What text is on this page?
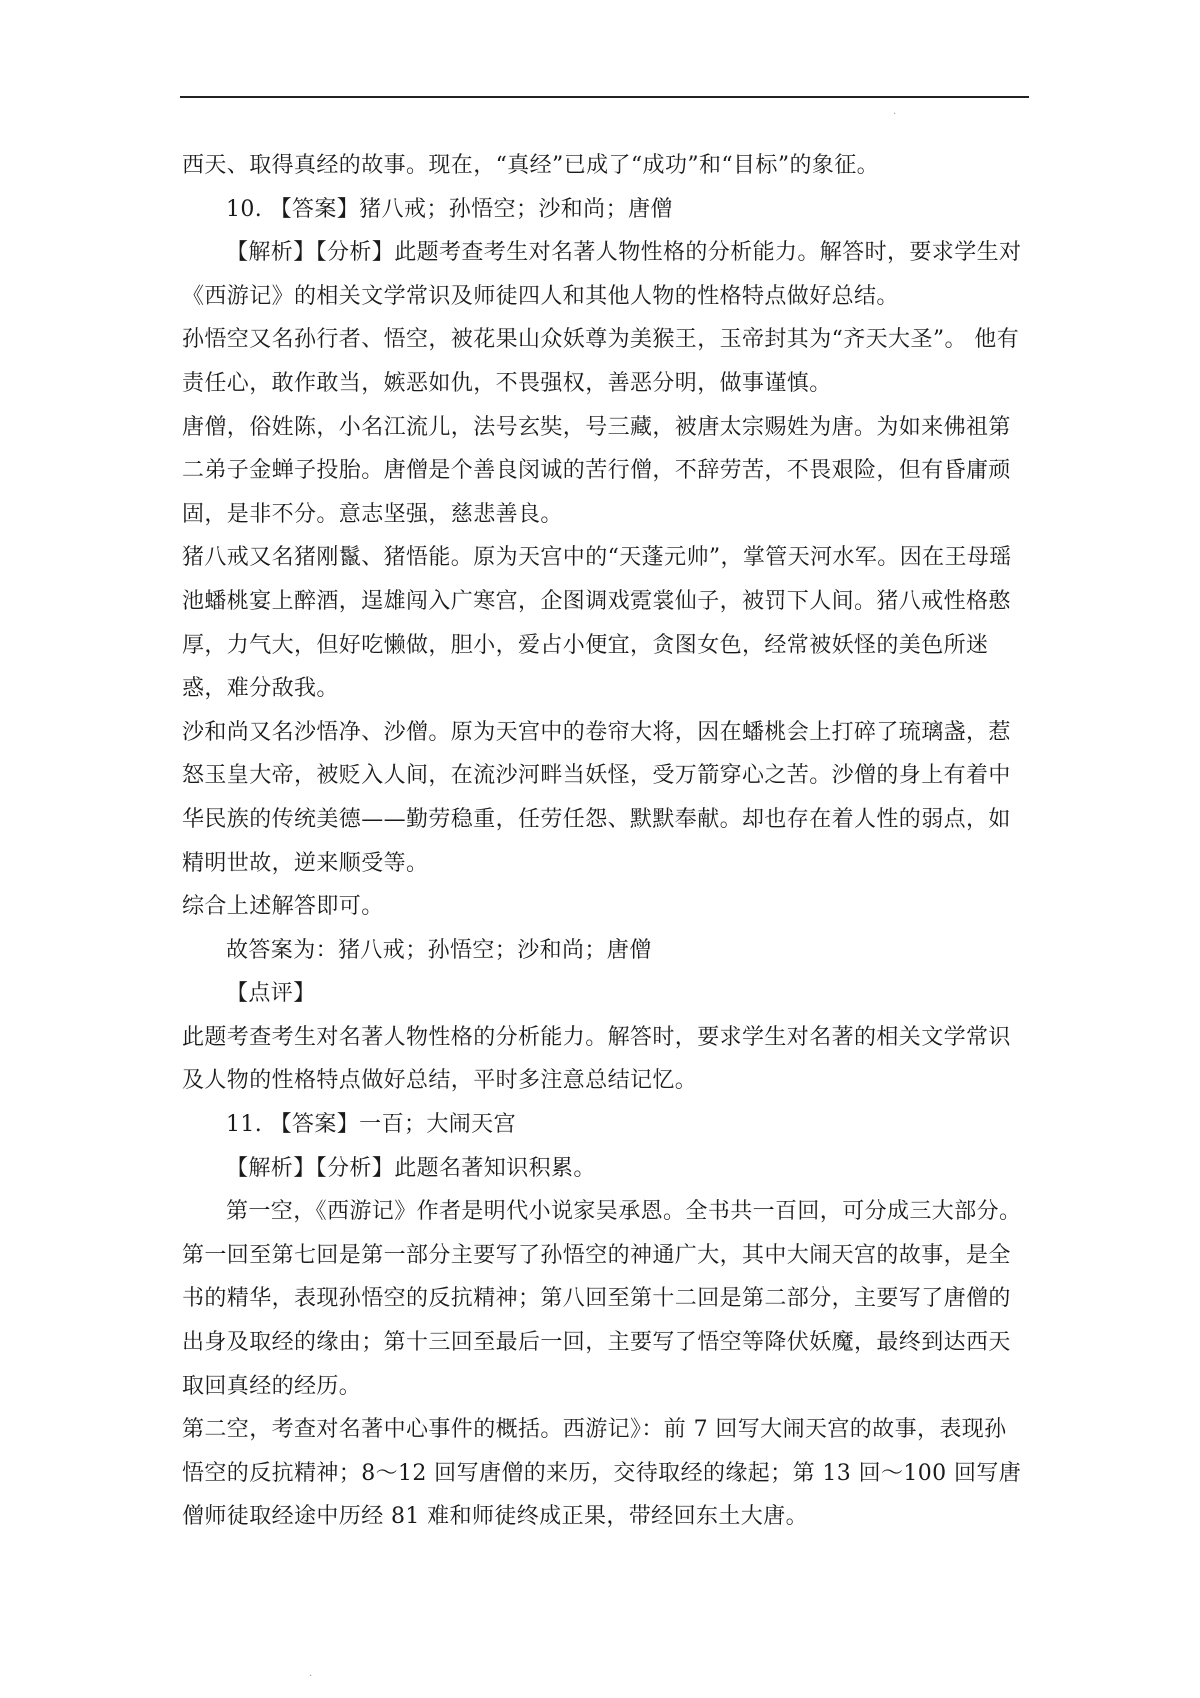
·

西天、取得真经的故事。现在，“真经”已成了“成功”和“目标”的象征。

10. 【答案】猪八戒；孙悟空；沙和尚；唐僧

【解析】【分析】此题考查考生对名著人物性格的分析能力。解答时，要求学生对《西游记》的相关文学常识及师徒四人和其他人物的性格特点做好总结。

孙悟空又名孙行者、悟空，被花果山众妖尊为美猴王，玉帝封其为“齐天大圣”。 他有责任心，敢作敢当，嫉恶如仇，不畏强权，善恶分明，做事谨慎。

唐僧，俗姓陈，小名江流儿，法号玄奘，号三藏，被唐太宗赐姓为唐。为如来佛祖第二弟子金蝉子投胎。唐僧是个善良闵诚的苦行僧，不辞劳苦，不畏艰险，但有昏庸顽固，是非不分。意志坚强，慈悲善良。

猪八戒又名猪刚鬣、猪悟能。原为天宫中的“天蓬元帅”，掌管天河水军。因在王母瑶池蟠桃宴上醉酒，逞雄闯入广寒宫，企图调戏霓裳仙子，被罚下人间。猪八戒性格憨厚，力气大，但好吃懒做，胆小，爱占小便宜，贪图女色，经常被妖怪的美色所迷惑，难分敌我。

沙和尚又名沙悟净、沙僧。原为天宫中的卷帘大将，因在蟠桃会上打碎了琉璃盏，惹怒玉皇大帝，被贬入人间，在流沙河畔当妖怪，受万箭穿心之苦。沙僧的身上有着中华民族的传统美德——勤劳稳重，任劳任怨、默默奉献。却也存在着人性的弱点，如精明世故，逆来顺受等。

综合上述解答即可。

故答案为：猪八戒；孙悟空；沙和尚；唐僧

【点评】

此题考查考生对名著人物性格的分析能力。解答时，要求学生对名著的相关文学常识及人物的性格特点做好总结，平时多注意总结记忆。

11. 【答案】一百；大闹天宫

【解析】【分析】此题名著知识积累。

第一空，《西游记》作者是明代小说家吴承恩。全书共一百回，可分成三大部分。第一回至第七回是第一部分主要写了孙悟空的神通广大，其中大闹天宫的故事，是全书的精华，表现孙悟空的反抗精神；第八回至第十二回是第二部分，主要写了唐僧的出身及取经的缘由；第十三回至最后一回，主要写了悟空等降伏妖魔，最终到达西天取回真经的经历。

第二空，考查对名著中心事件的概括。西游记》：前 7 回写大闹天宫的故事，表现孙悟空的反抗精神；8～12 回写唐僧的来历，交待取经的缘起；第 13 回～100 回写唐僧师徒取经途中历经 81 难和师徒终成正果，带经回东土大唐。

·
